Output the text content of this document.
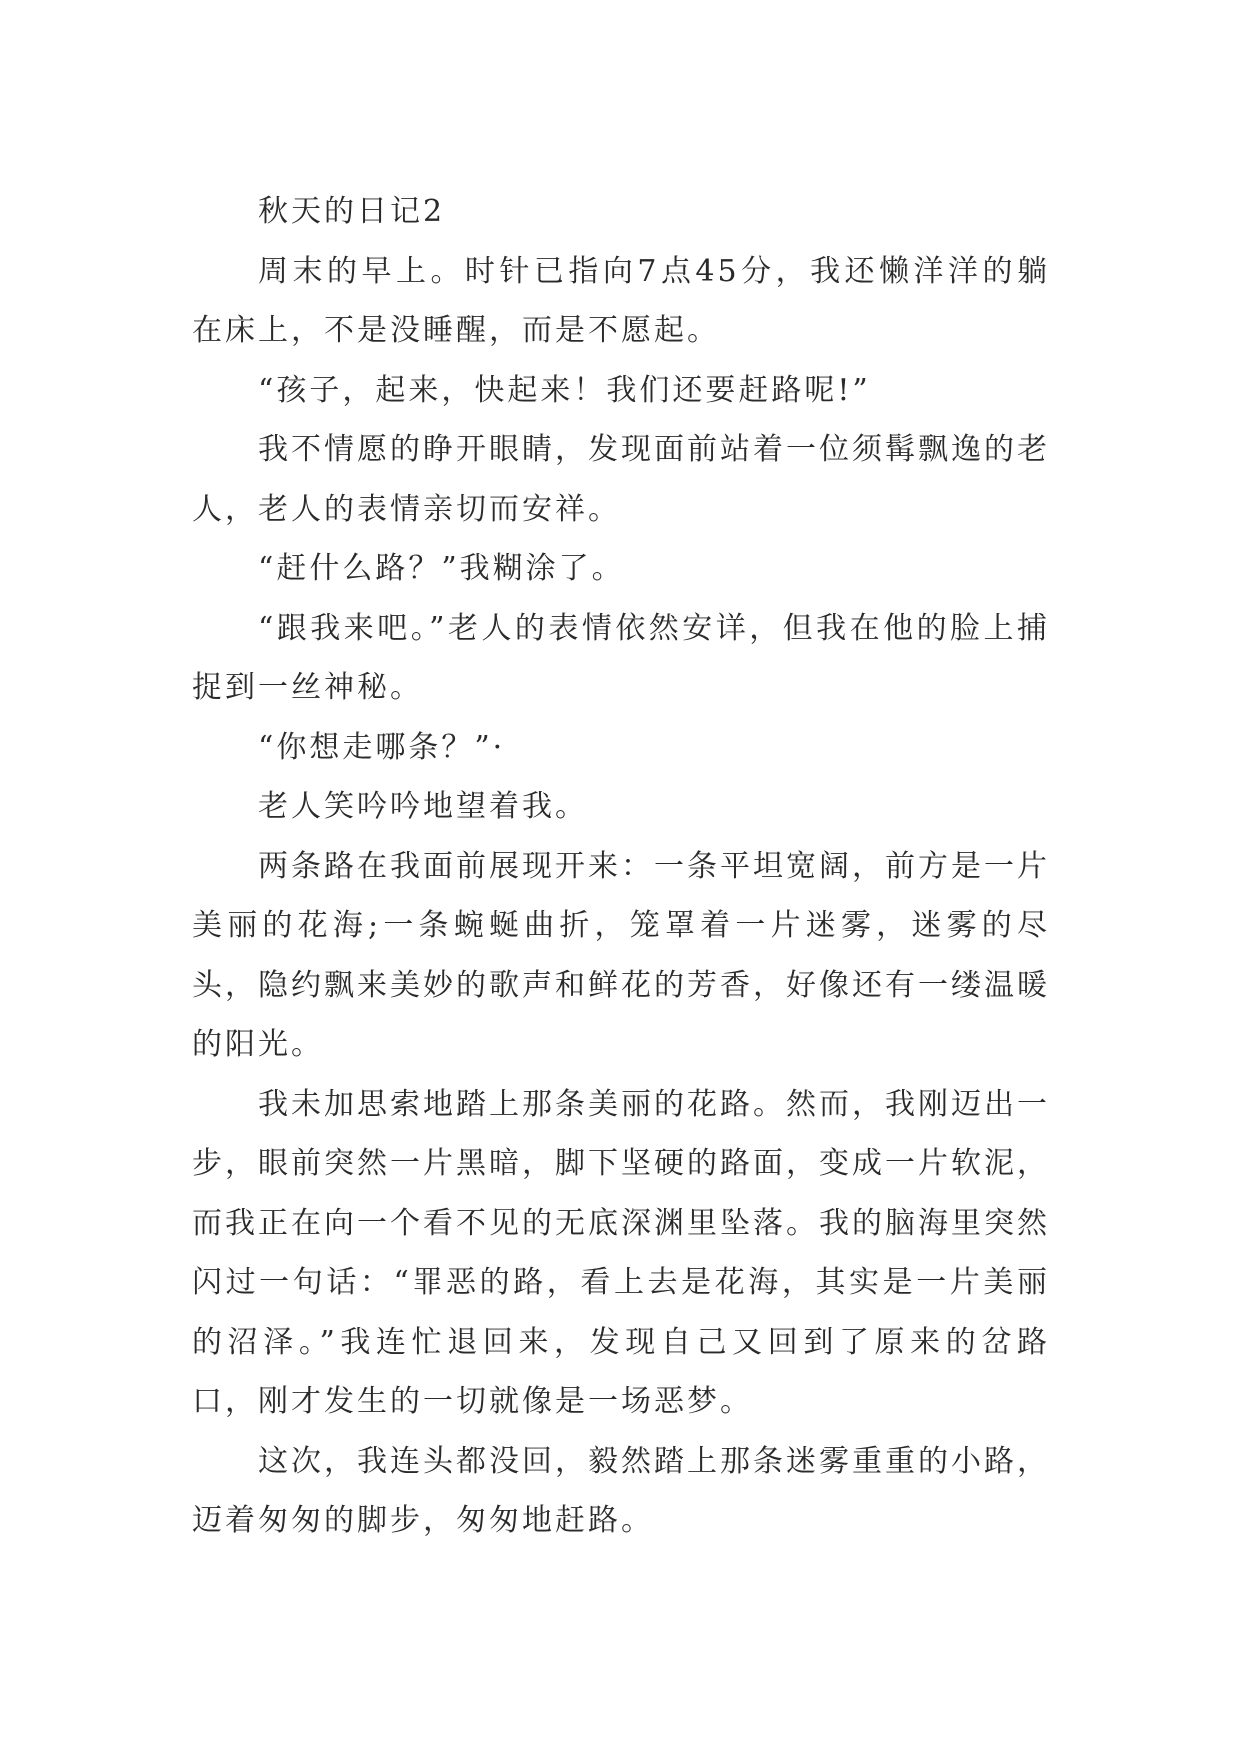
秋天的日记2

周末的早上。时针已指向7点45分，我还懒洋洋的躺在床上，不是没睡醒，而是不愿起。

“孩子，起来，快起来！我们还要赶路呢!”

我不情愿的睁开眼睛，发现面前站着一位须髯飘逸的老人，老人的表情亲切而安祥。

“赶什么路？”我糊涂了。

“跟我来吧。”老人的表情依然安详，但我在他的脸上捕捉到一丝神秘。

“你想走哪条？”·

老人笑吟吟地望着我。

两条路在我面前展现开来：一条平坦宽阔，前方是一片美丽的花海;一条蜿蜒曲折，笼罩着一片迷雾，迷雾的尽头，隐约飘来美妙的歌声和鲜花的芳香，好像还有一缕温暖的阳光。

我未加思索地踏上那条美丽的花路。然而，我刚迈出一步，眼前突然一片黑暗，脚下坚硬的路面，变成一片软泥，而我正在向一个看不见的无底深渊里坠落。我的脑海里突然闪过一句话：“罪恶的路，看上去是花海，其实是一片美丽的沼泽。”我连忙退回来，发现自己又回到了原来的岔路口，刚才发生的一切就像是一场恶梦。

这次，我连头都没回，毅然踏上那条迷雾重重的小路，迈着匆匆的脚步，匆匆地赶路。
